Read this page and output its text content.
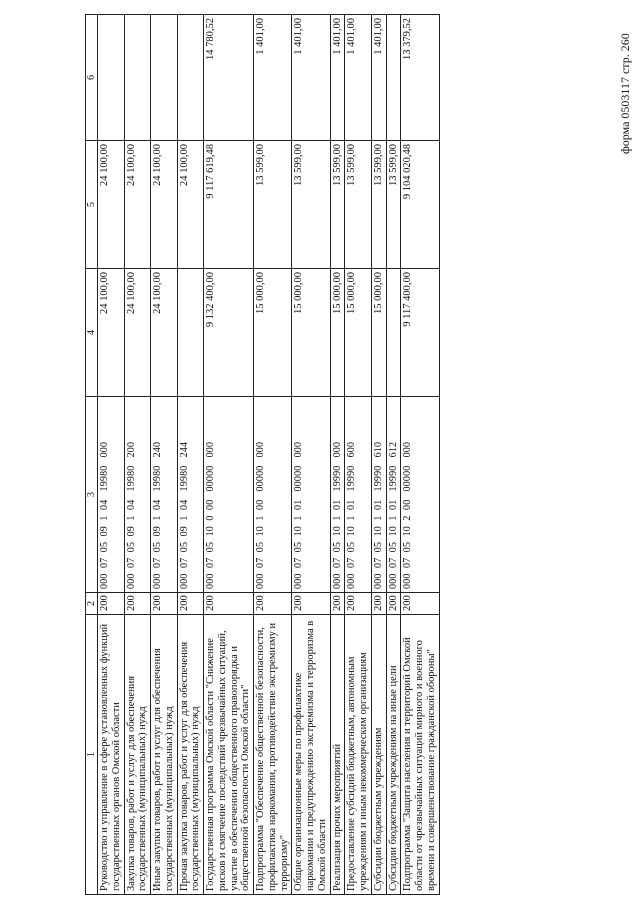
форма 0503117 стр. 260
1	2	3	4	5	6
Руководство и управление в сфере установленных функций государственных органов Омской области	200	000  07  05  09  1  04   19980   000	24 100,00	24 100,00	
Закупка товаров, работ и услуг для обеспечения государственных (муниципальных) нужд	200	000  07  05  09  1  04   19980   200	24 100,00	24 100,00	
Иные закупки товаров, работ и услуг для обеспечения государственных (муниципальных) нужд	200	000  07  05  09  1  04   19980   240	24 100,00	24 100,00	
Прочая закупка товаров, работ и услуг для обеспечения государственных (муниципальных) нужд	200	000  07  05  09  1  04   19980   244		24 100,00	
Государственная программа Омской области "Снижение рисков и смягчение последствий чрезвычайных ситуаций, участие в обеспечении общественного правопорядка и общественной безопасности Омской области"	200	000  07  05  10  0  00   00000   000	9 132 400,00	9 117 619,48	14 780,52
Подпрограмма "Обеспечение общественной безопасности, профилактика наркомании, противодействие экстремизму и терроризму"	200	000  07  05  10  1  00   00000   000	15 000,00	13 599,00	1 401,00
Общие организационные меры по профилактике наркомании и предупреждению экстремизма и терроризма в Омской области	200	000  07  05  10  1  01   00000   000	15 000,00	13 599,00	1 401,00
Реализация прочих мероприятий	200	000  07  05  10  1  01   19990   000	15 000,00	13 599,00	1 401,00
Предоставление субсидий бюджетным, автономным учреждениям и иным некоммерческим организациям	200	000  07  05  10  1  01   19990   600	15 000,00	13 599,00	1 401,00
Субсидии бюджетным учреждениям	200	000  07  05  10  1  01   19990   610	15 000,00	13 599,00	1 401,00
Субсидии бюджетным учреждениям на иные цели	200	000  07  05  10  1  01   19990   612		13 599,00	
Подпрограмма "Защита населения и территорий Омской области от чрезвычайных ситуаций мирного и военного времени и совершенствование гражданской обороны"	200	000  07  05  10  2  00   00000   000	9 117 400,00	9 104 020,48	13 379,52
